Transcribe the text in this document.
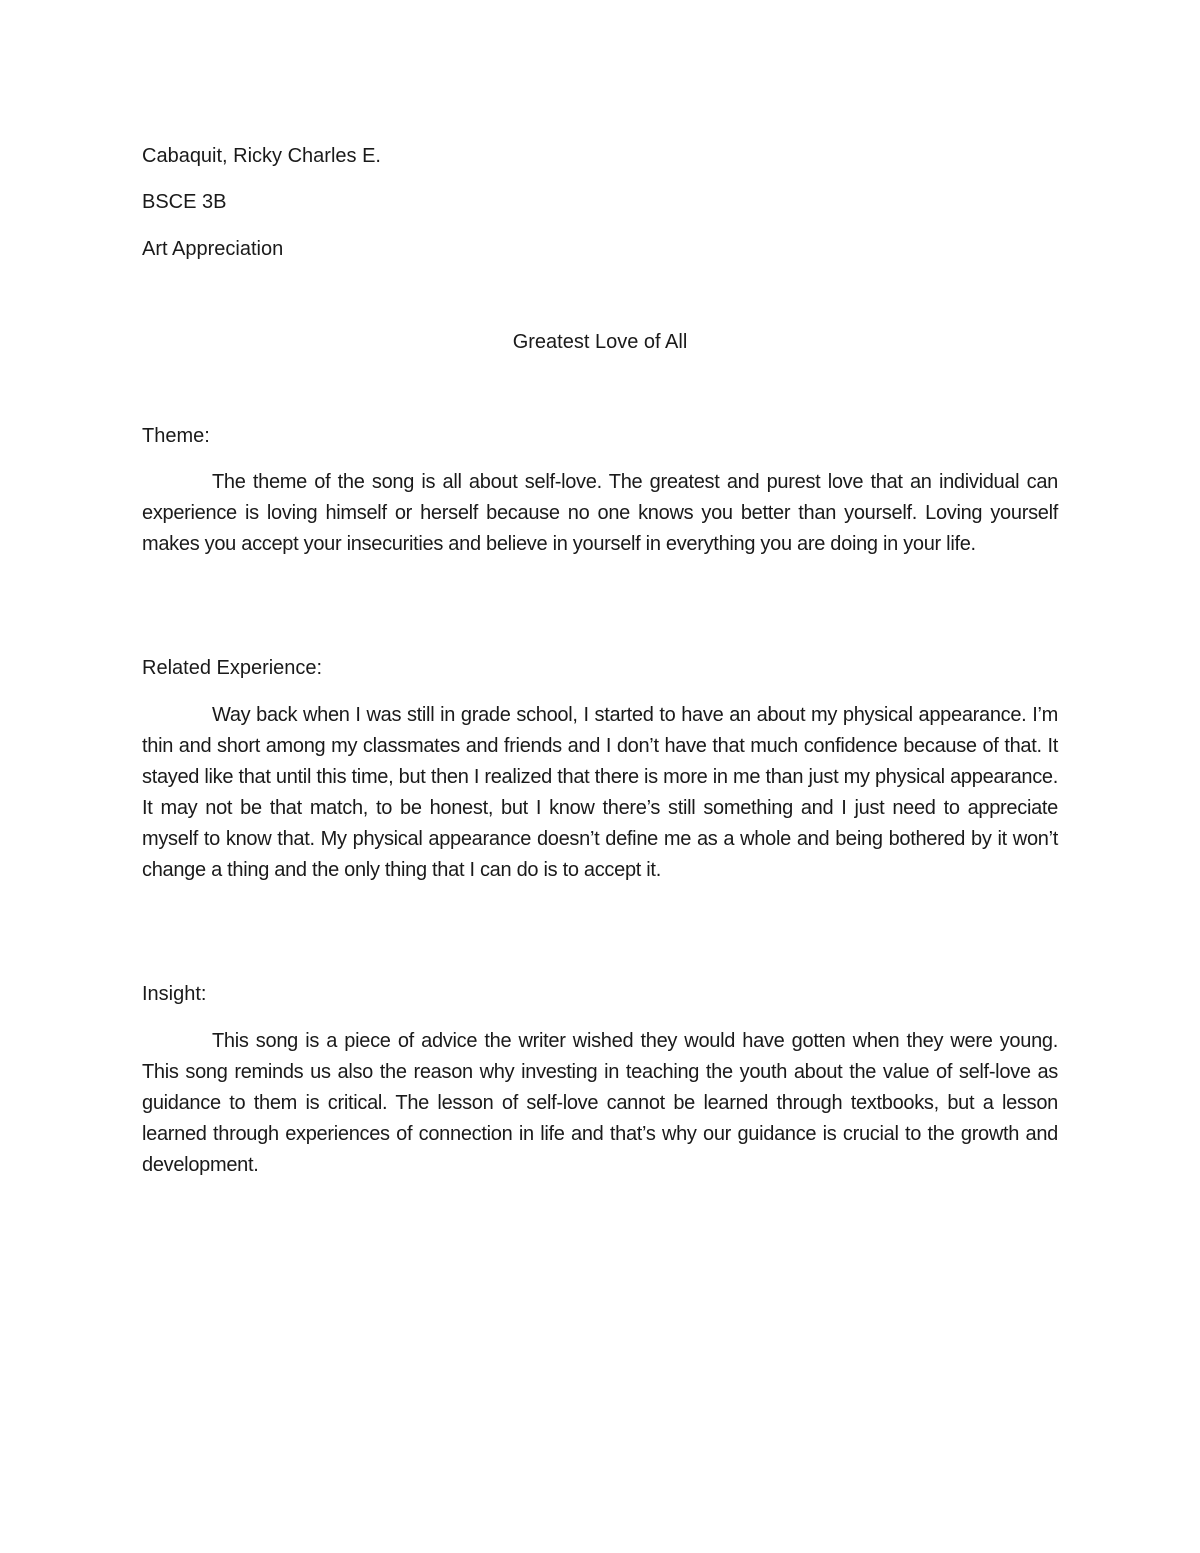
Cabaquit, Ricky Charles E.
BSCE 3B
Art Appreciation
Greatest Love of All
Theme:

The theme of the song is all about self-love. The greatest and purest love that an individual can experience is loving himself or herself because no one knows you better than yourself. Loving yourself makes you accept your insecurities and believe in yourself in everything you are doing in your life.

Related Experience:

Way back when I was still in grade school, I started to have an about my physical appearance. I’m thin and short among my classmates and friends and I don’t have that much confidence because of that. It stayed like that until this time, but then I realized that there is more in me than just my physical appearance. It may not be that match, to be honest, but I know there’s still something and I just need to appreciate myself to know that. My physical appearance doesn’t define me as a whole and being bothered by it won’t change a thing and the only thing that I can do is to accept it.

Insight:

This song is a piece of advice the writer wished they would have gotten when they were young. This song reminds us also the reason why investing in teaching the youth about the value of self-love as guidance to them is critical. The lesson of self-love cannot be learned through textbooks, but a lesson learned through experiences of connection in life and that’s why our guidance is crucial to the growth and development.
